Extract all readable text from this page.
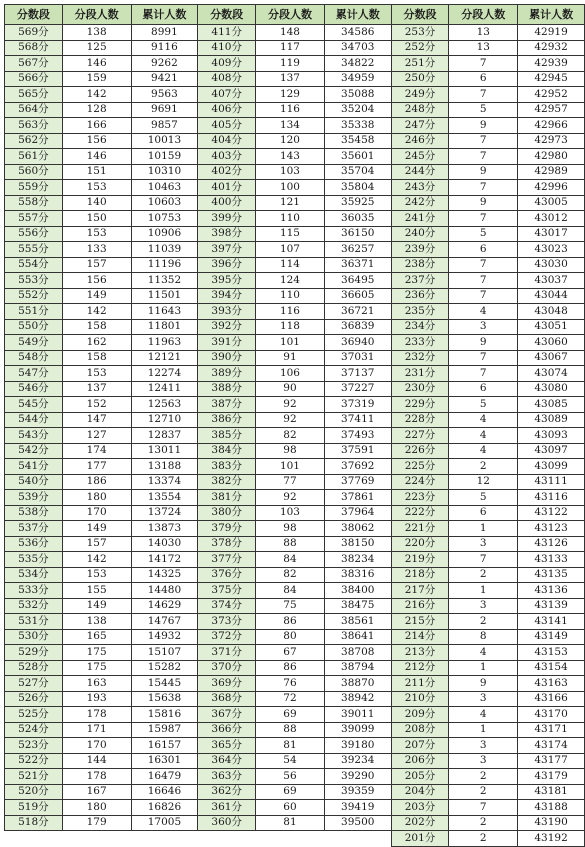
分数段	分段人数	累计人数	分数段	分段人数	累计人数	分数段	分段人数	累计人数
569分	138	8991	411分	148	34586	253分	13	42919
568分	125	9116	410分	117	34703	252分	13	42932
567分	146	9262	409分	119	34822	251分	7	42939
566分	159	9421	408分	137	34959	250分	6	42945
565分	142	9563	407分	129	35088	249分	7	42952
564分	128	9691	406分	116	35204	248分	5	42957
563分	166	9857	405分	134	35338	247分	9	42966
562分	156	10013	404分	120	35458	246分	7	42973
561分	146	10159	403分	143	35601	245分	7	42980
560分	151	10310	402分	103	35704	244分	9	42989
559分	153	10463	401分	100	35804	243分	7	42996
558分	140	10603	400分	121	35925	242分	9	43005
557分	150	10753	399分	110	36035	241分	7	43012
556分	153	10906	398分	115	36150	240分	5	43017
555分	133	11039	397分	107	36257	239分	6	43023
554分	157	11196	396分	114	36371	238分	7	43030
553分	156	11352	395分	124	36495	237分	7	43037
552分	149	11501	394分	110	36605	236分	7	43044
551分	142	11643	393分	116	36721	235分	4	43048
550分	158	11801	392分	118	36839	234分	3	43051
549分	162	11963	391分	101	36940	233分	9	43060
548分	158	12121	390分	91	37031	232分	7	43067
547分	153	12274	389分	106	37137	231分	7	43074
546分	137	12411	388分	90	37227	230分	6	43080
545分	152	12563	387分	92	37319	229分	5	43085
544分	147	12710	386分	92	37411	228分	4	43089
543分	127	12837	385分	82	37493	227分	4	43093
542分	174	13011	384分	98	37591	226分	4	43097
541分	177	13188	383分	101	37692	225分	2	43099
540分	186	13374	382分	77	37769	224分	12	43111
539分	180	13554	381分	92	37861	223分	5	43116
538分	170	13724	380分	103	37964	222分	6	43122
537分	149	13873	379分	98	38062	221分	1	43123
536分	157	14030	378分	88	38150	220分	3	43126
535分	142	14172	377分	84	38234	219分	7	43133
534分	153	14325	376分	82	38316	218分	2	43135
533分	155	14480	375分	84	38400	217分	1	43136
532分	149	14629	374分	75	38475	216分	3	43139
531分	138	14767	373分	86	38561	215分	2	43141
530分	165	14932	372分	80	38641	214分	8	43149
529分	175	15107	371分	67	38708	213分	4	43153
528分	175	15282	370分	86	38794	212分	1	43154
527分	163	15445	369分	76	38870	211分	9	43163
526分	193	15638	368分	72	38942	210分	3	43166
525分	178	15816	367分	69	39011	209分	4	43170
524分	171	15987	366分	88	39099	208分	1	43171
523分	170	16157	365分	81	39180	207分	3	43174
522分	144	16301	364分	54	39234	206分	3	43177
521分	178	16479	363分	56	39290	205分	2	43179
520分	167	16646	362分	69	39359	204分	2	43181
519分	180	16826	361分	60	39419	203分	7	43188
518分	179	17005	360分	81	39500	202分	2	43190
						201分	2	43192
